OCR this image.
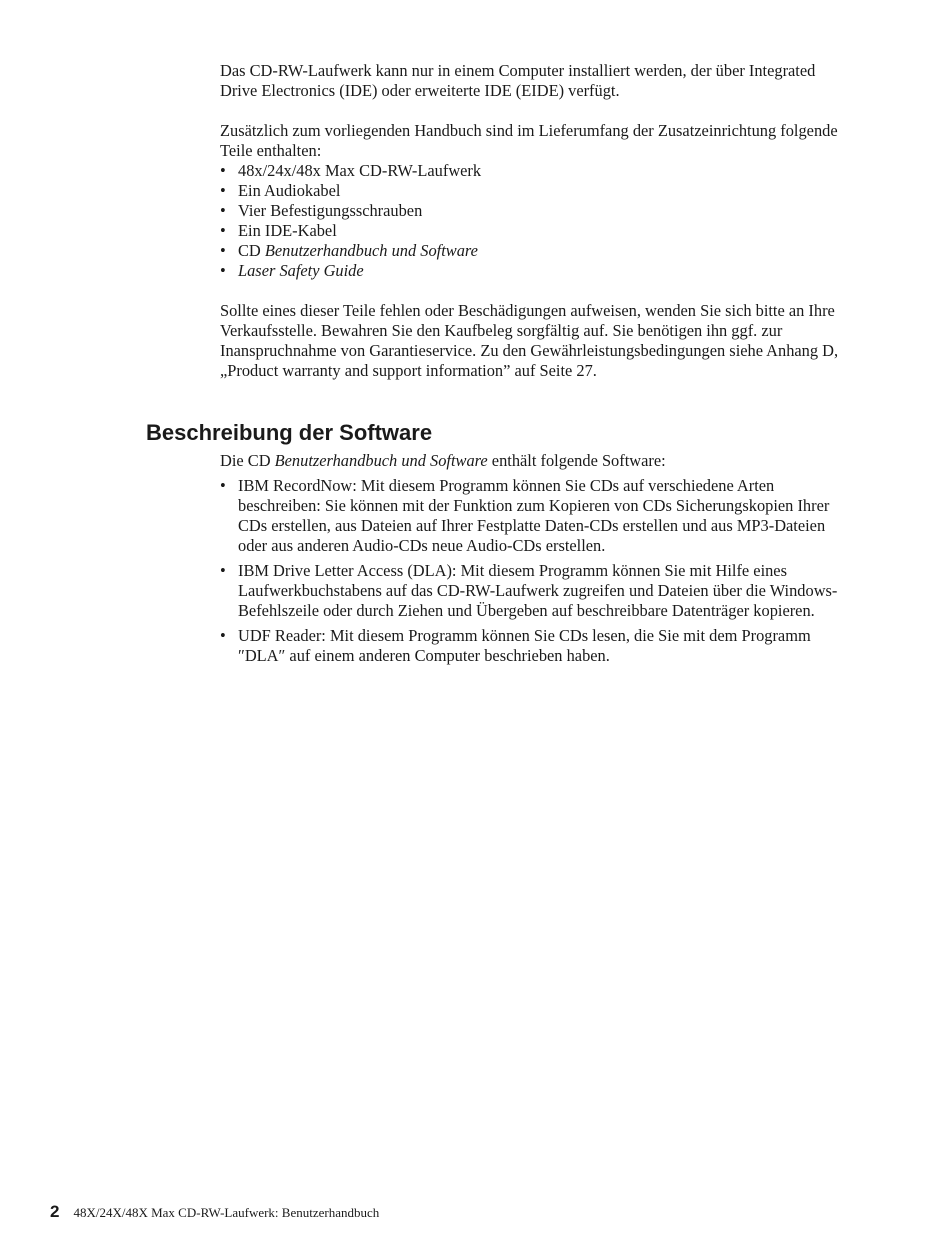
Das CD-RW-Laufwerk kann nur in einem Computer installiert werden, der über Integrated Drive Electronics (IDE) oder erweiterte IDE (EIDE) verfügt.

Zusätzlich zum vorliegenden Handbuch sind im Lieferumfang der Zusatzeinrichtung folgende Teile enthalten:

• 48x/24x/48x Max CD-RW-Laufwerk
• Ein Audiokabel
• Vier Befestigungsschrauben
• Ein IDE-Kabel
• CD Benutzerhandbuch und Software
• Laser Safety Guide

Sollte eines dieser Teile fehlen oder Beschädigungen aufweisen, wenden Sie sich bitte an Ihre Verkaufsstelle. Bewahren Sie den Kaufbeleg sorgfältig auf. Sie benötigen ihn ggf. zur Inanspruchnahme von Garantieservice. Zu den Gewährleistungsbedingungen siehe Anhang D, „Product warranty and support information” auf Seite 27.

Beschreibung der Software

Die CD Benutzerhandbuch und Software enthält folgende Software:

• IBM RecordNow: Mit diesem Programm können Sie CDs auf verschiedene Arten beschreiben: Sie können mit der Funktion zum Kopieren von CDs Sicherungskopien Ihrer CDs erstellen, aus Dateien auf Ihrer Festplatte Daten-CDs erstellen und aus MP3-Dateien oder aus anderen Audio-CDs neue Audio-CDs erstellen.
• IBM Drive Letter Access (DLA): Mit diesem Programm können Sie mit Hilfe eines Laufwerkbuchstabens auf das CD-RW-Laufwerk zugreifen und Dateien über die Windows-Befehlszeile oder durch Ziehen und Übergeben auf beschreibbare Datenträger kopieren.
• UDF Reader: Mit diesem Programm können Sie CDs lesen, die Sie mit dem Programm ″DLA″ auf einem anderen Computer beschrieben haben.
2 48X/24X/48X Max CD-RW-Laufwerk: Benutzerhandbuch
